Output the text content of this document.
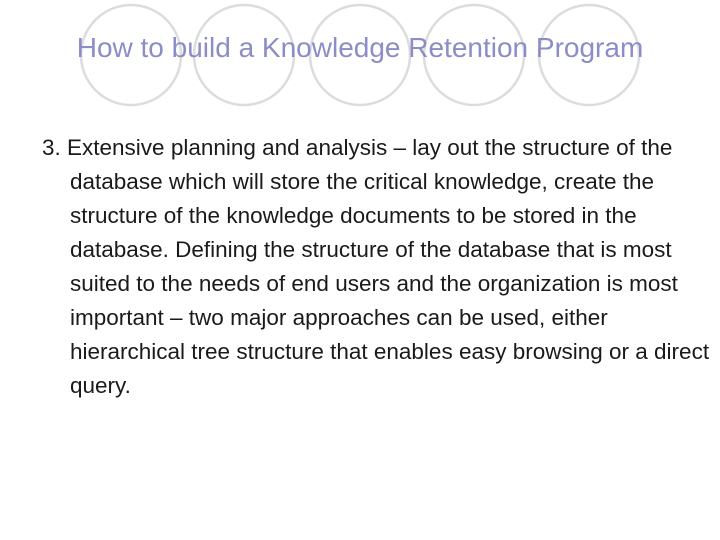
How to build a Knowledge Retention Program

3. Extensive planning and analysis – lay out the structure of the database which will store the critical knowledge, create the structure of the knowledge documents to be stored in the database. Defining the structure of the database that is most suited to the needs of end users and the organization is most important – two major approaches can be used, either hierarchical tree structure that enables easy browsing or a direct query.
